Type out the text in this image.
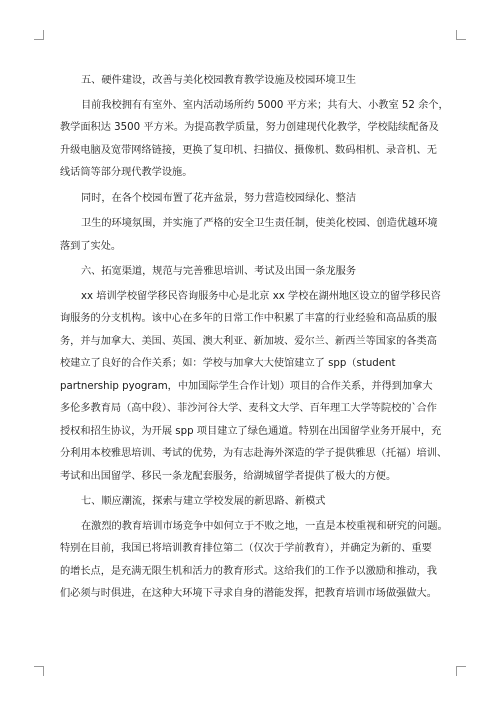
五、硬件建设，改善与美化校园教育教学设施及校园环境卫生

目前我校拥有有室外、室内活动场所约 5000 平方米；共有大、小教室 52 余个，
教学面积达 3500 平方米。为提高教学质量，努力创建现代化教学，学校陆续配备及
升级电脑及宽带网络链接，更换了复印机、扫描仪、摄像机、数码相机、录音机、无
线话筒等部分现代教学设施。

同时，在各个校园布置了花卉盆景，努力营造校园绿化、整洁

卫生的环境氛围，并实施了严格的安全卫生责任制，使美化校园、创造优越环境
落到了实处。

六、拓宽渠道，规范与完善雅思培训、考试及出国一条龙服务

xx 培训学校留学移民咨询服务中心是北京 xx 学校在湖州地区设立的留学移民咨
询服务的分支机构。该中心在多年的日常工作中积累了丰富的行业经验和高品质的服
务，并与加拿大、美国、英国、澳大利亚、新加坡、爱尔兰、新西兰等国家的各类高
校建立了良好的合作关系；如：学校与加拿大大使馆建立了 spp（student
partnership pyogram，中加国际学生合作计划）项目的合作关系，并得到加拿大
多伦多教育局（高中段）、菲沙河谷大学、麦科文大学、百年理工大学等院校的`合作
授权和招生协议，为开展 spp 项目建立了绿色通道。特别在出国留学业务开展中，充
分利用本校雅思培训、考试的优势，为有志赴海外深造的学子提供雅思（托福）培训、
考试和出国留学、移民一条龙配套服务，给湖城留学者提供了极大的方便。

七、顺应潮流，探索与建立学校发展的新思路、新模式

在激烈的教育培训市场竞争中如何立于不败之地，一直是本校重视和研究的问题。
特别在目前，我国已将培训教育排位第二（仅次于学前教育），并确定为新的、重要
的增长点，是充满无限生机和活力的教育形式。这给我们的工作予以激励和推动，我
们必须与时俱进，在这种大环境下寻求自身的潜能发挥，把教育培训市场做强做大。
